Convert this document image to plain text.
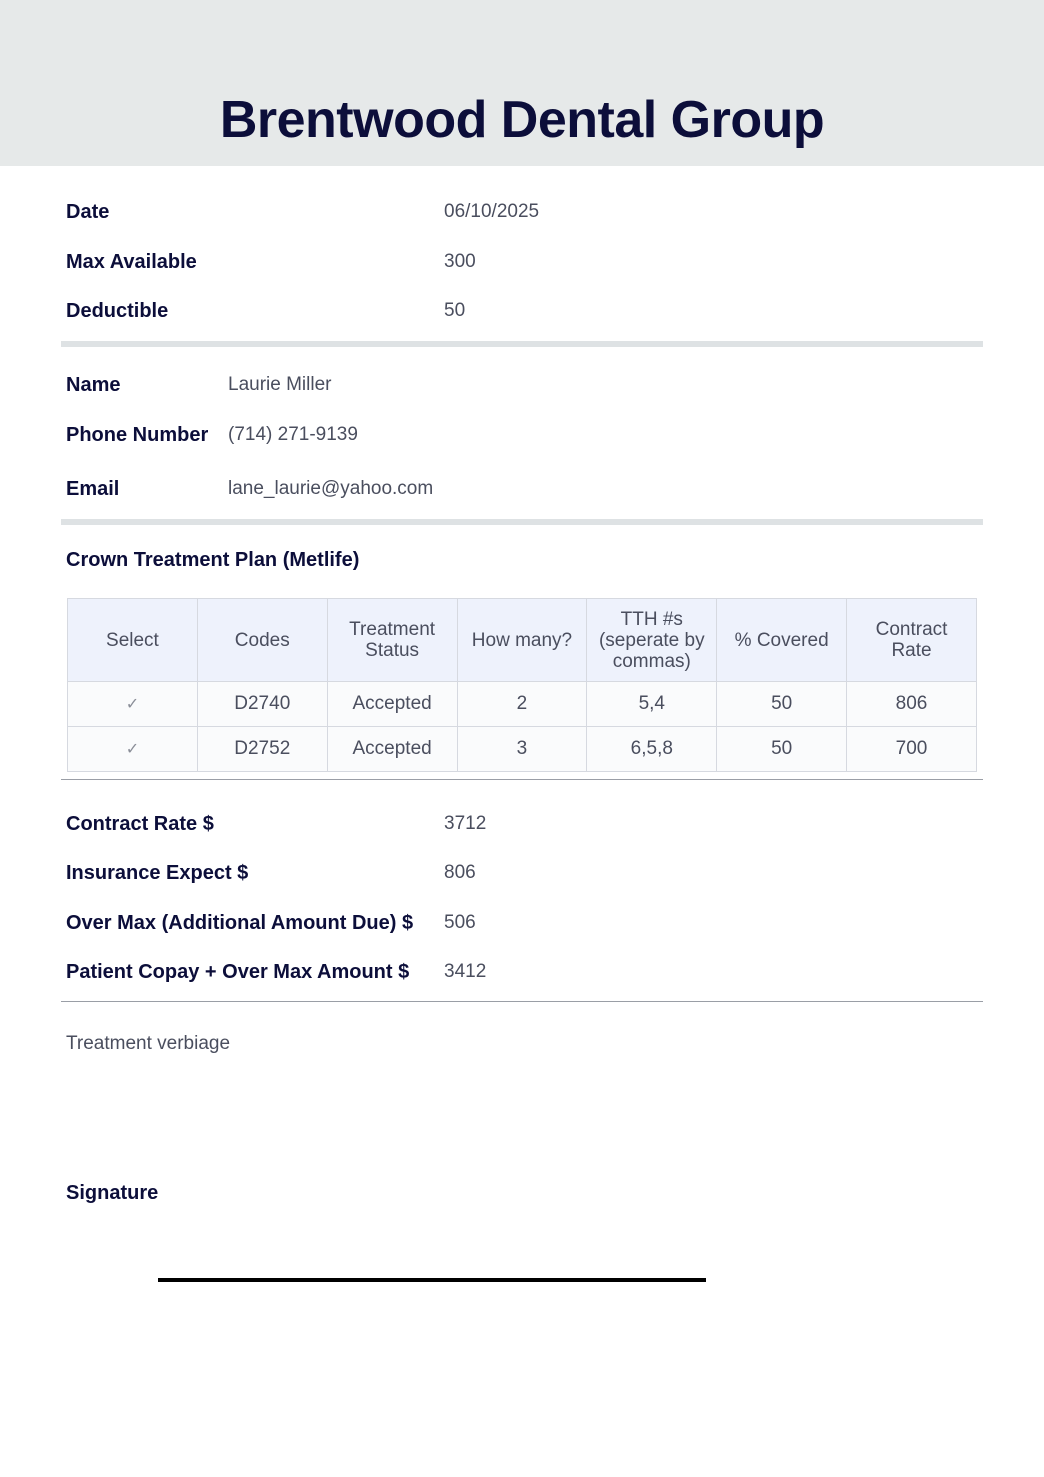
Brentwood Dental Group
Date	06/10/2025
Max Available	300
Deductible	50
Name	Laurie Miller
Phone Number (714) 271-9139
Email	lane_laurie@yahoo.com
Crown Treatment Plan (Metlife)
Select	Codes	Treatment Status	How many?	TTH #s (seperate by commas)	% Covered	Contract Rate
✓	D2740	Accepted	2	5,4	50	806
✓	D2752	Accepted	3	6,5,8	50	700
Contract Rate $	3712
Insurance Expect $	806
Over Max (Additional Amount Due) $ 506
Patient Copay + Over Max Amount $ 3412
Treatment verbiage
Signature
